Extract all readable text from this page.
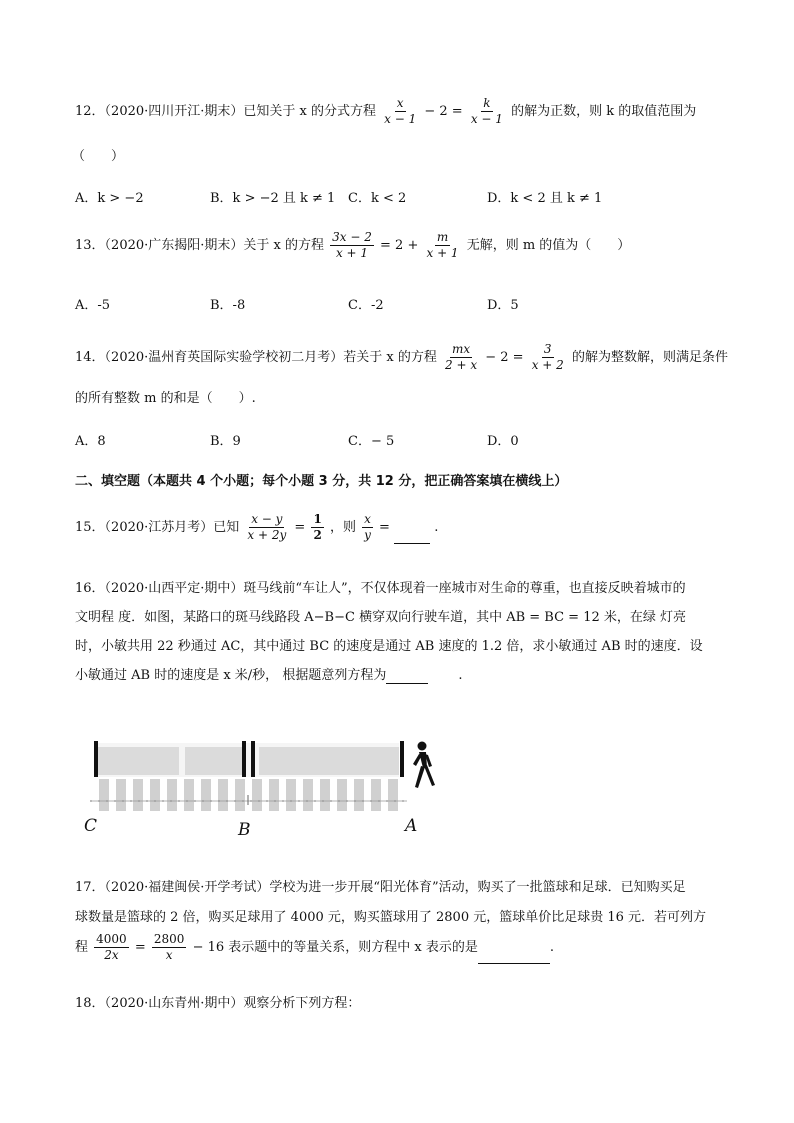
12．（2020·四川开江·期末）已知关于 x 的分式方程 $\frac{x}{x - 1} - 2 = \frac{k}{x - 1}$ 的解为正数，则 k 的取值范围为
（　　）
A．k > −2	B．k > −2 且 k ≠ 1 C．k < 2	D．k < 2 且 k ≠ 1
13．（2020·广东揭阳·期末）关于 x 的方程 $\frac{3x - 2}{x + 1} = 2 + \frac{m}{x + 1}$ 无解，则 m 的值为（　　）
A．-5	B．-8	C．-2	D．5
14．（2020·温州育英国际实验学校初二月考）若关于 x 的方程 $\frac{mx}{2 + x} - 2 = \frac{3}{x + 2}$ 的解为整数解，则满足条件
的所有整数 m 的和是（　　）.
A．8	B．9	C．− 5	D．0
二、填空题（本题共 4 个小题；每个小题 3 分，共 12 分，把正确答案填在横线上）
15．（2020·江苏月考）已知 $\frac{x - y}{x + 2y} = \frac{1}{2}$ ，则 $\frac{x}{y}$ =	.
16．（2020·山西平定·期中）斑马线前“车让人”，不仅体现着一座城市对生命的尊重，也直接反映着城市的
文明程 度．如图，某路口的斑马线路段 A−B−C 横穿双向行驶车道，其中 AB = BC = 12 米，在绿 灯亮
时，小敏共用 22 秒通过 AC，其中通过 BC 的速度是通过 AB 速度的 1.2 倍，求小敏通过 AB 时的速度．设
小敏通过 AB 时的速度是 x 米/秒， 根据题意列方程为	.
C	B	A
17．（2020·福建闽侯·开学考试）学校为进一步开展“阳光体育”活动，购买了一批篮球和足球．已知购买足
球数量是篮球的 2 倍，购买足球用了 4000 元，购买篮球用了 2800 元，篮球单价比足球贵 16 元．若可列方
程 $\frac{4000}{2x} = \frac{2800}{x} - 16$ 表示题中的等量关系，则方程中 x 表示的是	.
18．（2020·山东青州·期中）观察分析下列方程：
